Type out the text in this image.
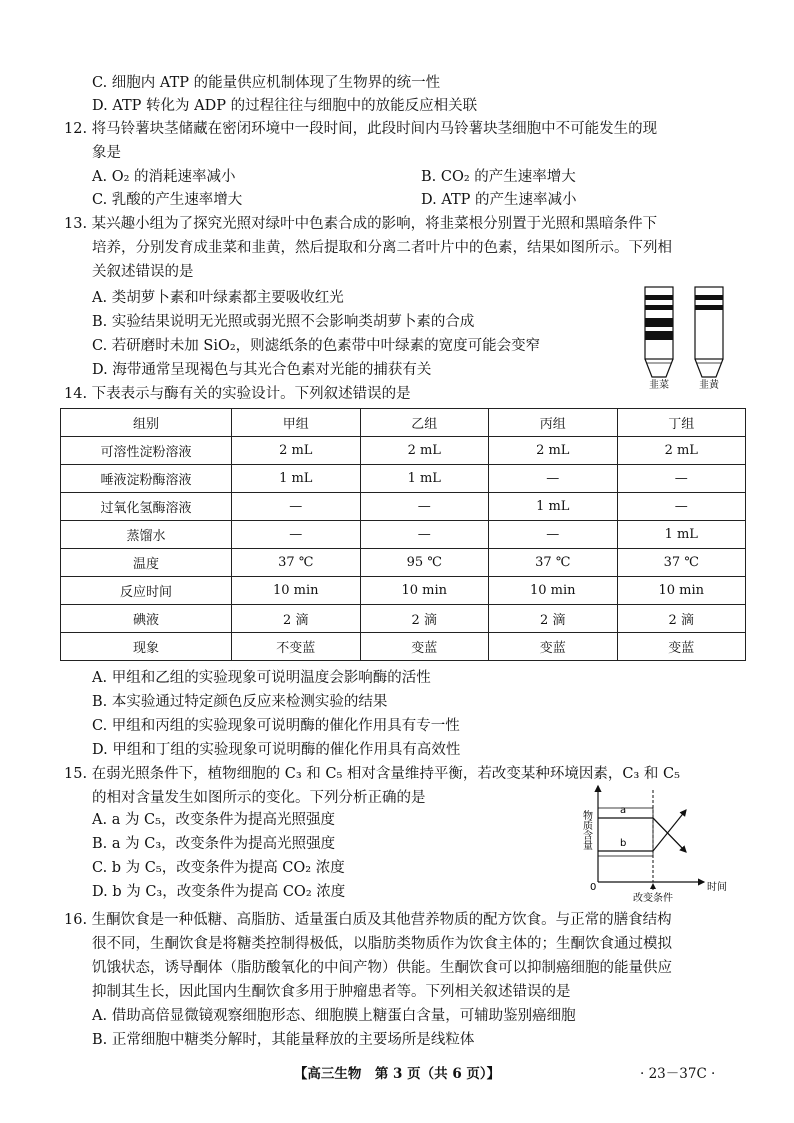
C. 细胞内 ATP 的能量供应机制体现了生物界的统一性
D. ATP 转化为 ADP 的过程往往与细胞中的放能反应相关联
12. 将马铃薯块茎储藏在密闭环境中一段时间，此段时间内马铃薯块茎细胞中不可能发生的现
象是
A. O₂ 的消耗速率减小	B. CO₂ 的产生速率增大
C. 乳酸的产生速率增大	D. ATP 的产生速率减小
13. 某兴趣小组为了探究光照对绿叶中色素合成的影响，将韭菜根分别置于光照和黑暗条件下
培养，分别发育成韭菜和韭黄，然后提取和分离二者叶片中的色素，结果如图所示。下列相
关叙述错误的是
A. 类胡萝卜素和叶绿素都主要吸收红光
B. 实验结果说明无光照或弱光照不会影响类胡萝卜素的合成
C. 若研磨时未加 SiO₂，则滤纸条的色素带中叶绿素的宽度可能会变窄
D. 海带通常呈现褐色与其光合色素对光能的捕获有关
韭菜	韭黄
14. 下表表示与酶有关的实验设计。下列叙述错误的是
组别	甲组	乙组	丙组	丁组
可溶性淀粉溶液	2 mL	2 mL	2 mL	2 mL
唾液淀粉酶溶液	1 mL	1 mL	—	—
过氧化氢酶溶液	—	—	1 mL	—
蒸馏水	—	—	—	1 mL
温度	37 ℃	95 ℃	37 ℃	37 ℃
反应时间	10 min	10 min	10 min	10 min
碘液	2 滴	2 滴	2 滴	2 滴
现象	不变蓝	变蓝	变蓝	变蓝
A. 甲组和乙组的实验现象可说明温度会影响酶的活性
B. 本实验通过特定颜色反应来检测实验的结果
C. 甲组和丙组的实验现象可说明酶的催化作用具有专一性
D. 甲组和丁组的实验现象可说明酶的催化作用具有高效性
15. 在弱光照条件下，植物细胞的 C₃ 和 C₅ 相对含量维持平衡，若改变某种环境因素，C₃ 和 C₅
的相对含量发生如图所示的变化。下列分析正确的是
A. a 为 C₅，改变条件为提高光照强度
B. a 为 C₃，改变条件为提高光照强度
C. b 为 C₅，改变条件为提高 CO₂ 浓度
D. b 为 C₃，改变条件为提高 CO₂ 浓度
物质含量
0	时间
a
b
改变条件
16. 生酮饮食是一种低糖、高脂肪、适量蛋白质及其他营养物质的配方饮食。与正常的膳食结构
很不同，生酮饮食是将糖类控制得极低，以脂肪类物质作为饮食主体的；生酮饮食通过模拟
饥饿状态，诱导酮体（脂肪酸氧化的中间产物）供能。生酮饮食可以抑制癌细胞的能量供应
抑制其生长，因此国内生酮饮食多用于肿瘤患者等。下列相关叙述错误的是
A. 借助高倍显微镜观察细胞形态、细胞膜上糖蛋白含量，可辅助鉴别癌细胞
B. 正常细胞中糖类分解时，其能量释放的主要场所是线粒体
【高三生物　第 3 页（共 6 页）】	· 23－37C ·
